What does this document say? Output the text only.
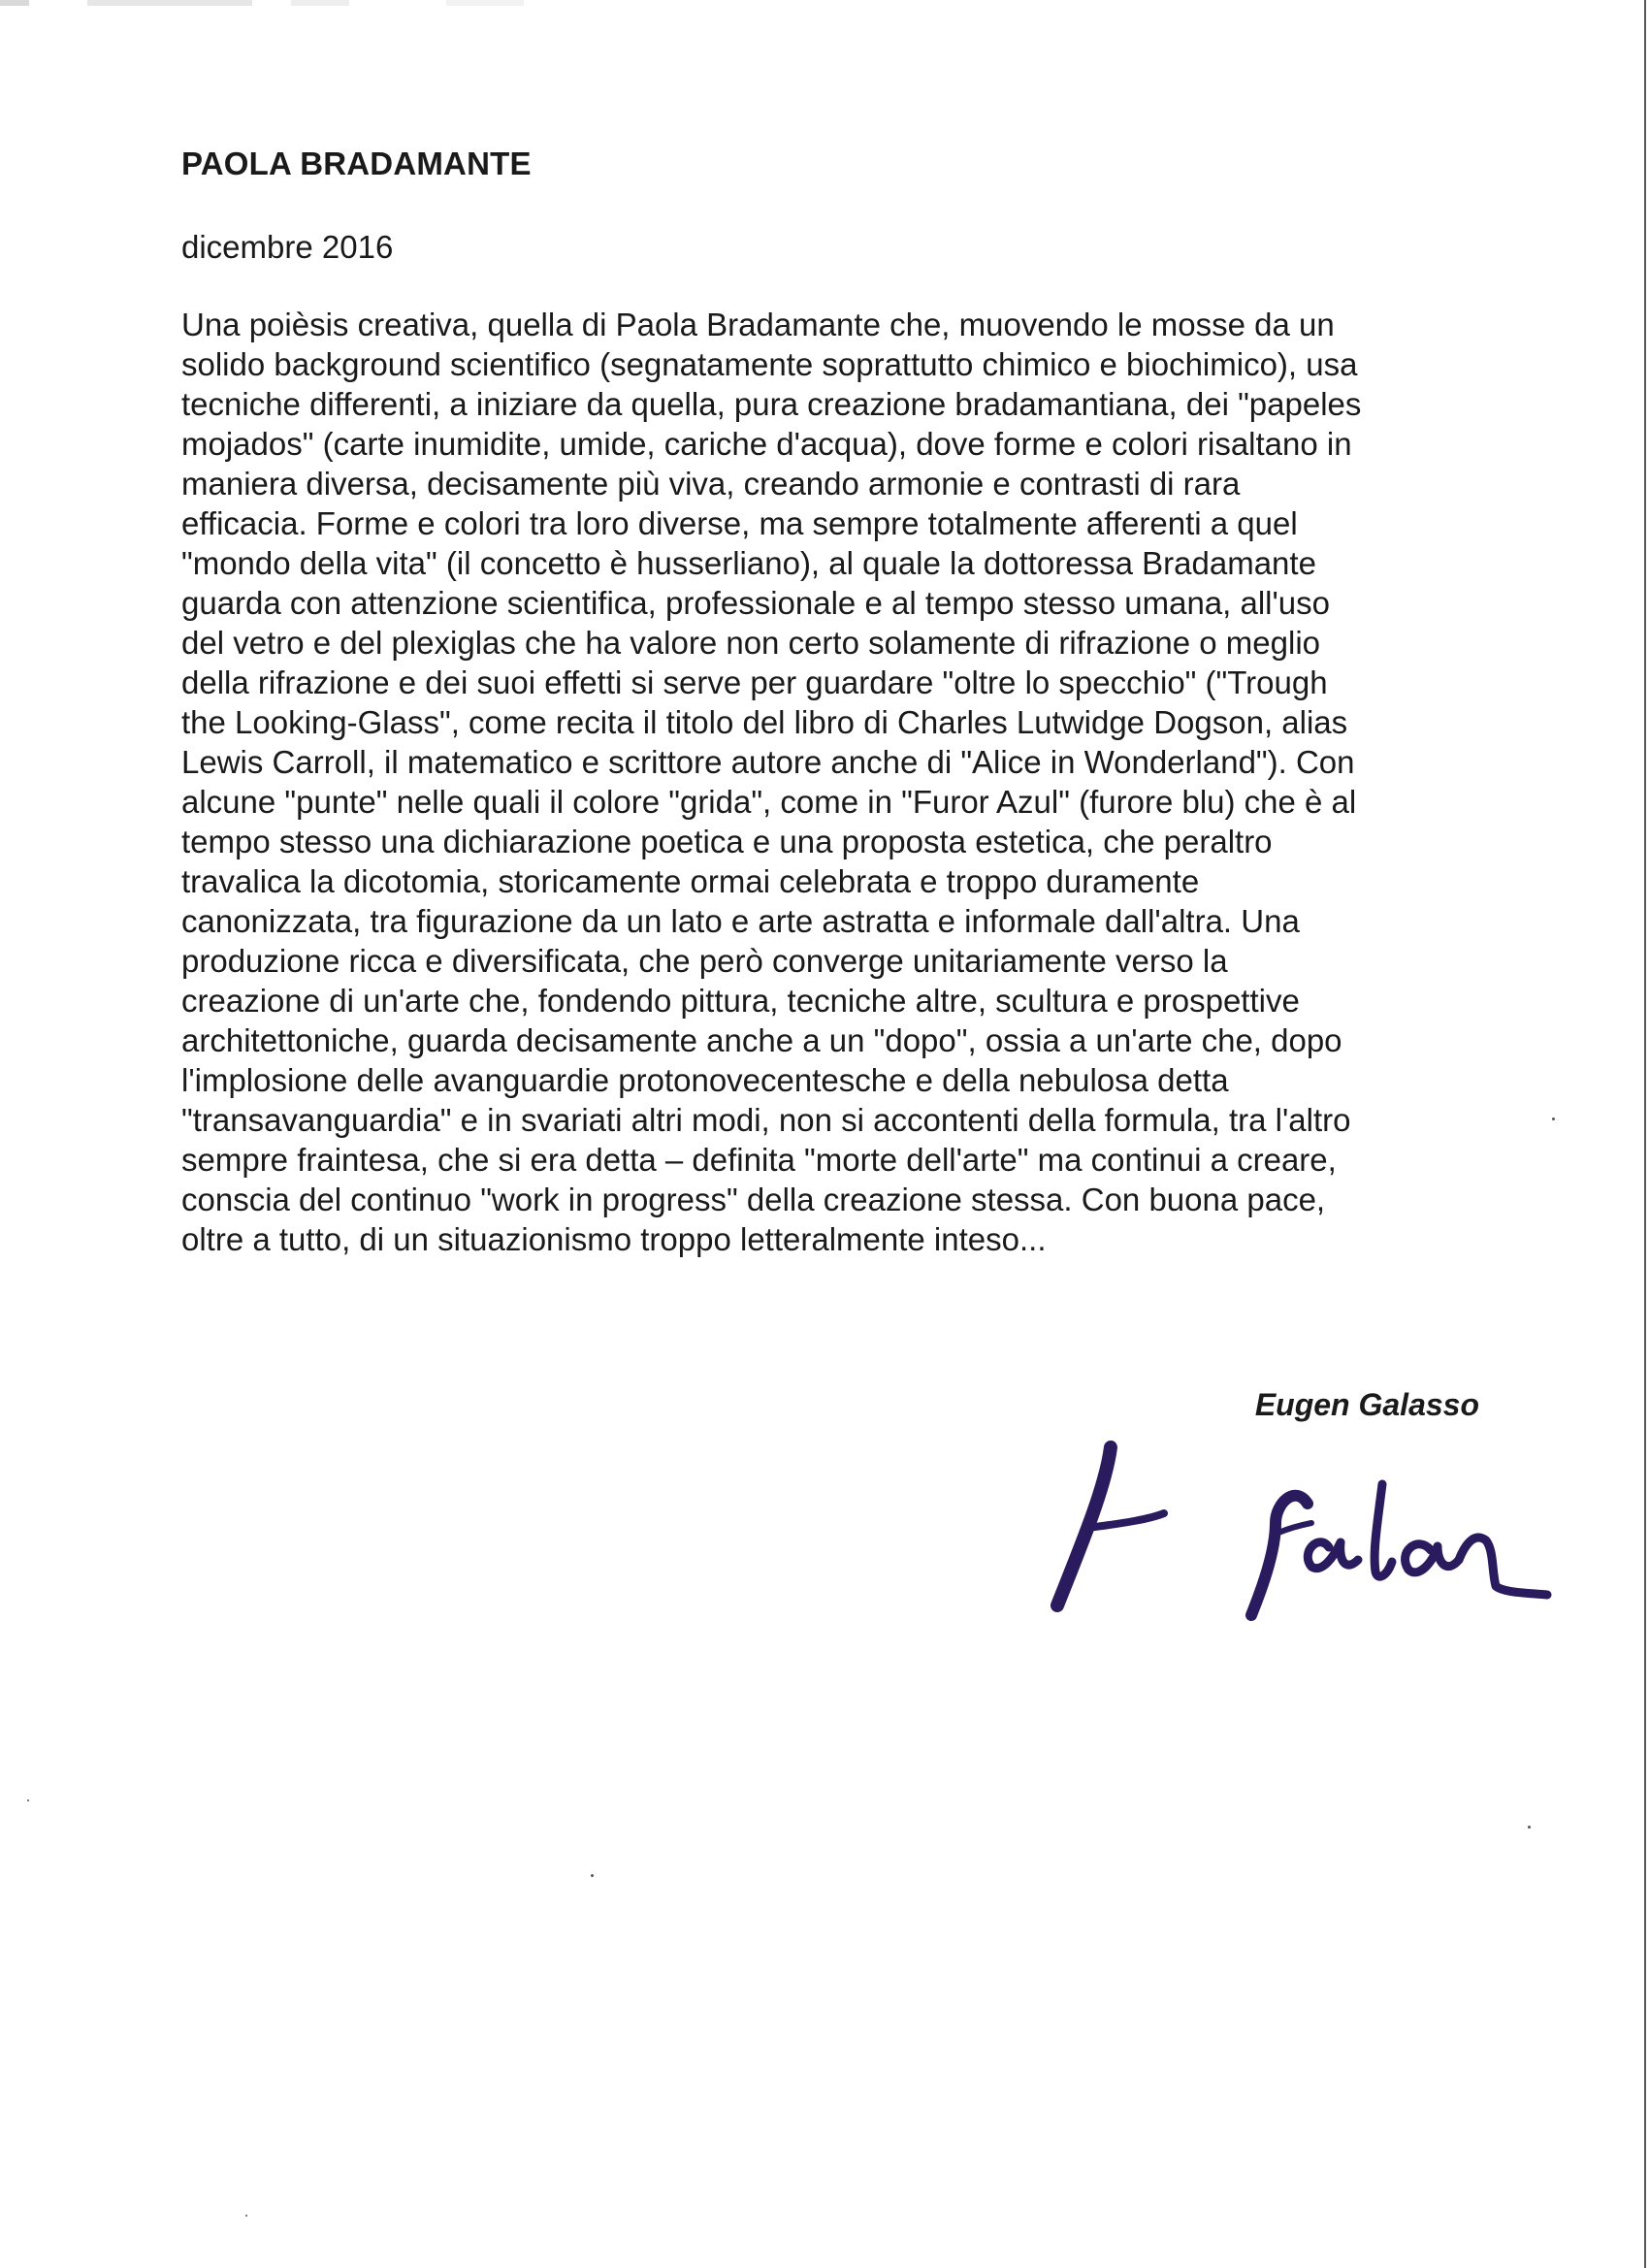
PAOLA BRADAMANTE

dicembre 2016

Una poièsis creativa, quella di Paola Bradamante che, muovendo le mosse da un
solido background scientifico (segnatamente soprattutto chimico e biochimico), usa
tecniche differenti, a iniziare da quella, pura creazione bradamantiana, dei "papeles
mojados" (carte inumidite, umide, cariche d'acqua), dove forme e colori risaltano in
maniera diversa, decisamente più viva, creando armonie e contrasti di rara
efficacia. Forme e colori tra loro diverse, ma sempre totalmente afferenti a quel
"mondo della vita" (il concetto è husserliano), al quale la dottoressa Bradamante
guarda con attenzione scientifica, professionale e al tempo stesso umana, all'uso
del vetro e del plexiglas che ha valore non certo solamente di rifrazione o meglio
della rifrazione e dei suoi effetti si serve per guardare "oltre lo specchio" ("Trough
the Looking-Glass", come recita il titolo del libro di Charles Lutwidge Dogson, alias
Lewis Carroll, il matematico e scrittore autore anche di "Alice in Wonderland"). Con
alcune "punte" nelle quali il colore "grida", come in "Furor Azul" (furore blu) che è al
tempo stesso una dichiarazione poetica e una proposta estetica, che peraltro
travalica la dicotomia, storicamente ormai celebrata e troppo duramente
canonizzata, tra figurazione da un lato e arte astratta e informale dall'altra. Una
produzione ricca e diversificata, che però converge unitariamente verso la
creazione di un'arte che, fondendo pittura, tecniche altre, scultura e prospettive
architettoniche, guarda decisamente anche a un "dopo", ossia a un'arte che, dopo
l'implosione delle avanguardie protonovecentesche e della nebulosa detta
"transavanguardia" e in svariati altri modi, non si accontenti della formula, tra l'altro
sempre fraintesa, che si era detta – definita "morte dell'arte" ma continui a creare,
conscia del continuo "work in progress" della creazione stessa. Con buona pace,
oltre a tutto, di un situazionismo troppo letteralmente inteso...

Eugen Galasso
